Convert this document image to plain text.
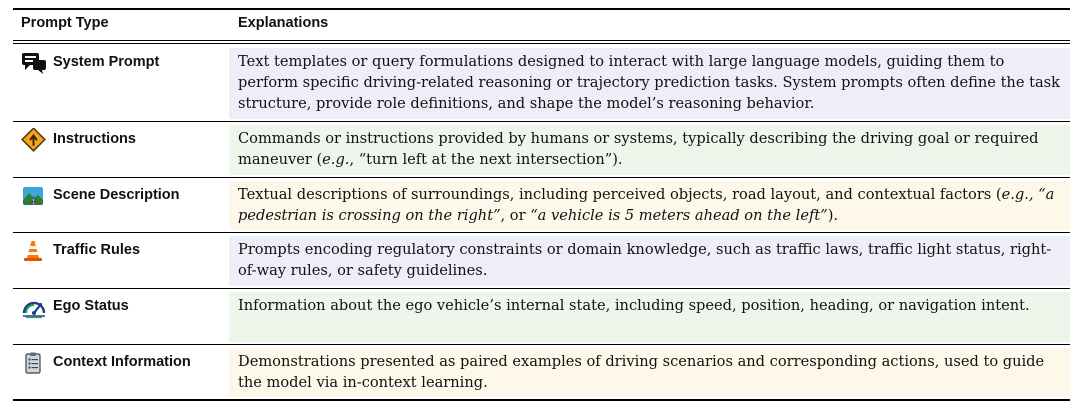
Prompt Type	Explanations
System Prompt	Text templates or query formulations designed to interact with large language models, guiding them to perform specific driving-related reasoning or trajectory prediction tasks. System prompts often define the task structure, provide role definitions, and shape the model’s reasoning behavior.
Instructions	Commands or instructions provided by humans or systems, typically describing the driving goal or required maneuver (e.g., “turn left at the next intersection”).
Scene Description	Textual descriptions of surroundings, including perceived objects, road layout, and contextual factors (e.g., “a pedestrian is crossing on the right”, or “a vehicle is 5 meters ahead on the left”).
Traffic Rules	Prompts encoding regulatory constraints or domain knowledge, such as traffic laws, traffic light status, right-of-way rules, or safety guidelines.
Ego Status	Information about the ego vehicle’s internal state, including speed, position, heading, or navigation intent.
Context Information	Demonstrations presented as paired examples of driving scenarios and corresponding actions, used to guide the model via in-context learning.
